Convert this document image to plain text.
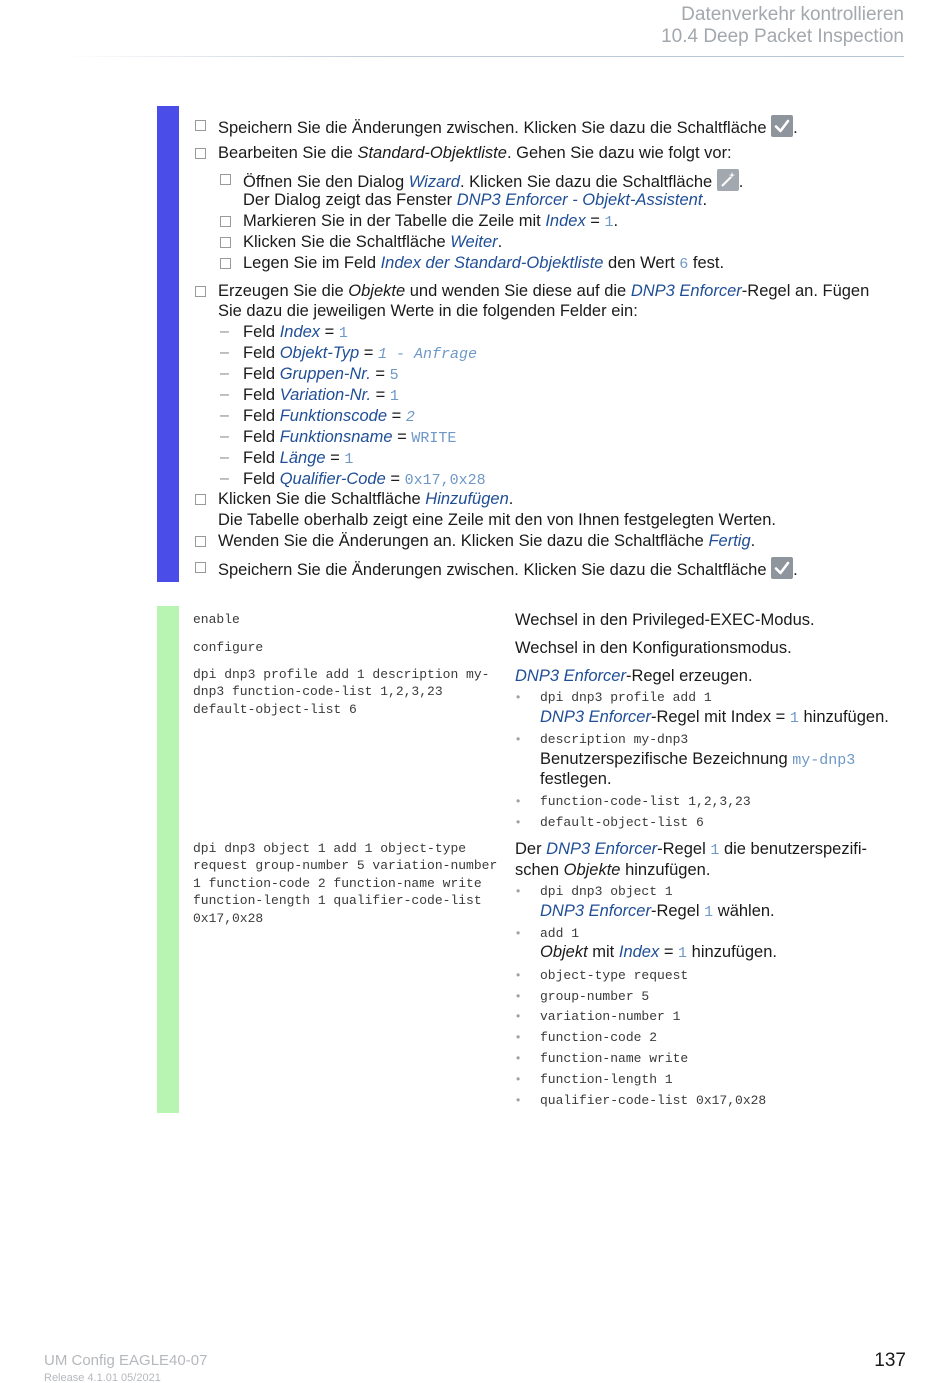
Datenverkehr kontrollieren
10.4 Deep Packet Inspection
Speichern Sie die Änderungen zwischen. Klicken Sie dazu die Schaltfläche .
Bearbeiten Sie die Standard-Objektliste. Gehen Sie dazu wie folgt vor:
Öffnen Sie den Dialog Wizard. Klicken Sie dazu die Schaltfläche .
Der Dialog zeigt das Fenster DNP3 Enforcer - Objekt-Assistent.
Markieren Sie in der Tabelle die Zeile mit Index = 1.
Klicken Sie die Schaltfläche Weiter.
Legen Sie im Feld Index der Standard-Objektliste den Wert 6 fest.
Erzeugen Sie die Objekte und wenden Sie diese auf die DNP3 Enforcer-Regel an. Fügen
Sie dazu die jeweiligen Werte in die folgenden Felder ein:
– Feld Index = 1
– Feld Objekt-Typ = 1 - Anfrage
– Feld Gruppen-Nr. = 5
– Feld Variation-Nr. = 1
– Feld Funktionscode = 2
– Feld Funktionsname = WRITE
– Feld Länge = 1
– Feld Qualifier-Code = 0x17,0x28
Klicken Sie die Schaltfläche Hinzufügen.
Die Tabelle oberhalb zeigt eine Zeile mit den von Ihnen festgelegten Werten.
Wenden Sie die Änderungen an. Klicken Sie dazu die Schaltfläche Fertig.
Speichern Sie die Änderungen zwischen. Klicken Sie dazu die Schaltfläche .
enable	Wechsel in den Privileged-EXEC-Modus.
configure	Wechsel in den Konfigurationsmodus.
dpi dnp3 profile add 1 description my-
dnp3 function-code-list 1,2,3,23
default-object-list 6
DNP3 Enforcer-Regel erzeugen.
• dpi dnp3 profile add 1
DNP3 Enforcer-Regel mit Index = 1 hinzufügen.
• description my-dnp3
Benutzerspezifische Bezeichnung my-dnp3
festlegen.
• function-code-list 1,2,3,23
• default-object-list 6
dpi dnp3 object 1 add 1 object-type
request group-number 5 variation-number
1 function-code 2 function-name write
function-length 1 qualifier-code-list
0x17,0x28
Der DNP3 Enforcer-Regel 1 die benutzerspezifi-
schen Objekte hinzufügen.
• dpi dnp3 object 1
DNP3 Enforcer-Regel 1 wählen.
• add 1
Objekt mit Index = 1 hinzufügen.
• object-type request
• group-number 5
• variation-number 1
• function-code 2
• function-name write
• function-length 1
• qualifier-code-list 0x17,0x28
UM Config EAGLE40-07
Release 4.1.01 05/2021
137
